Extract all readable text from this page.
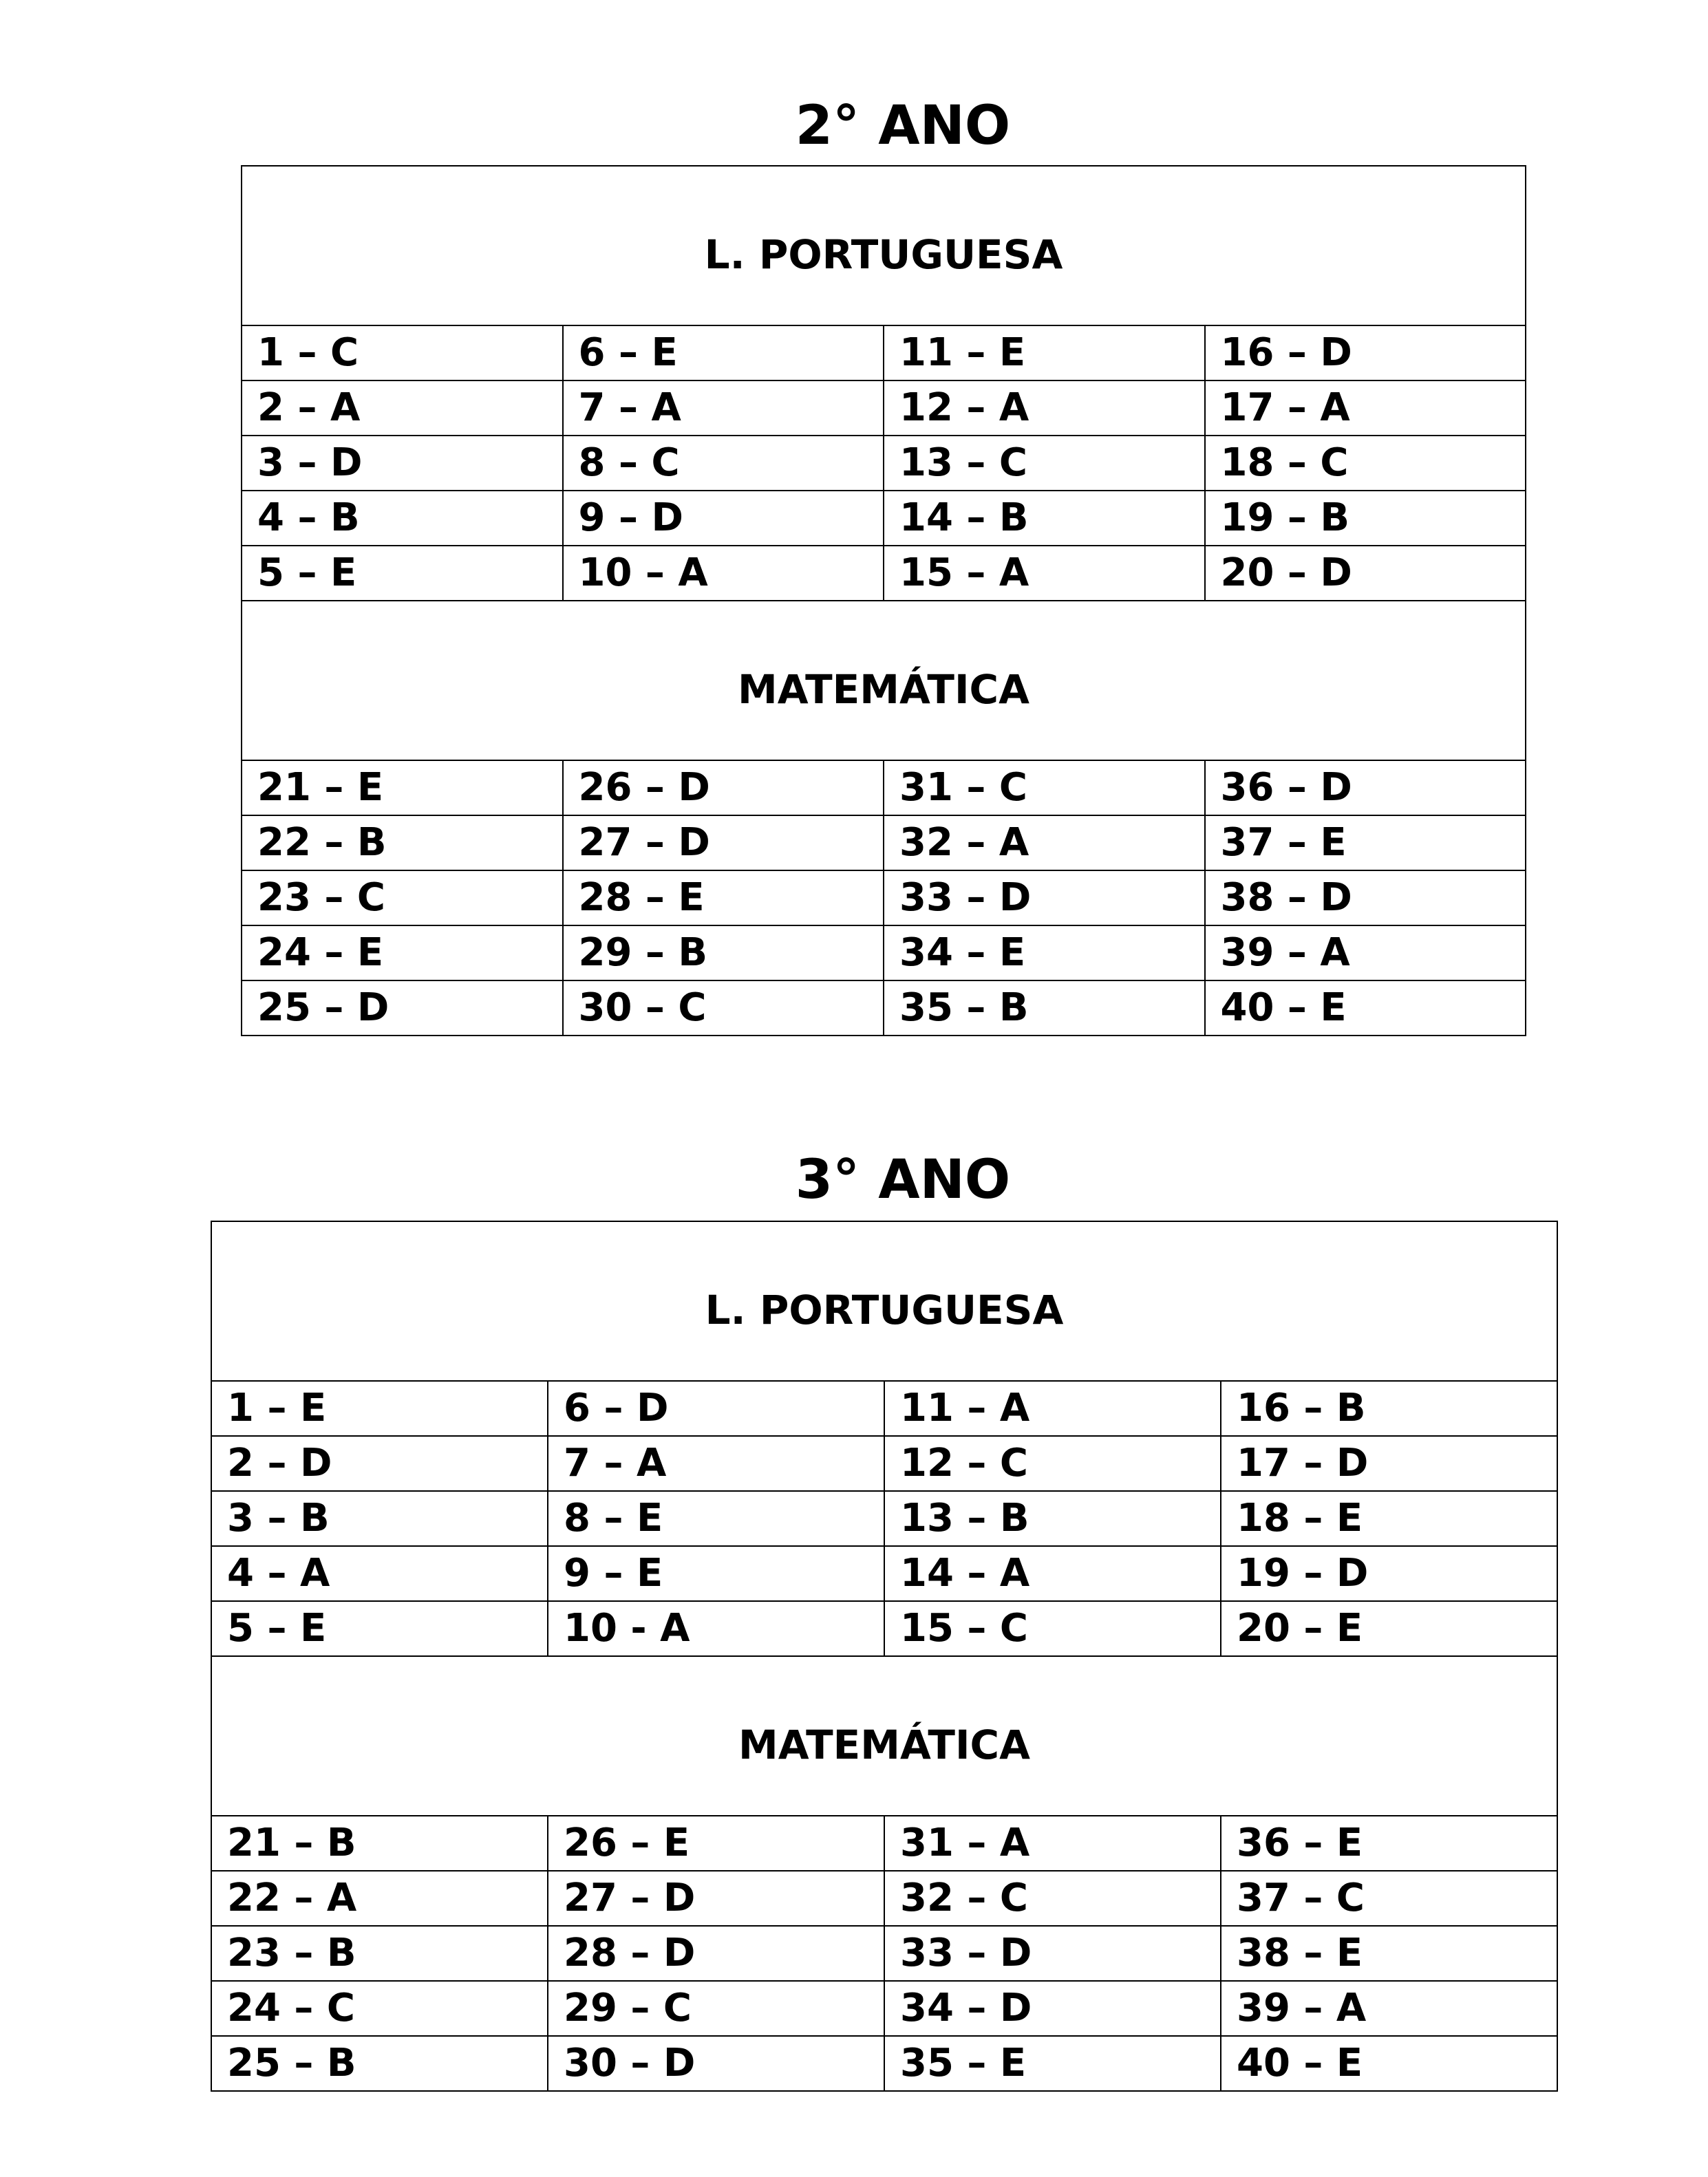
2° ANO
L. PORTUGUESA			
1 – C	6 – E	11 – E	16 – D
2 – A	7 – A	12 – A	17 – A
3 – D	8 – C	13 – C	18 – C
4 – B	9 – D	14 – B	19 – B
5 – E	10 – A	15 – A	20 – D
MATEMÁTICA			
21 – E	26 – D	31 – C	36 – D
22 – B	27 – D	32 – A	37 – E
23 – C	28 – E	33 – D	38 – D
24 – E	29 – B	34 – E	39 – A
25 – D	30 – C	35 – B	40 – E
3° ANO
L. PORTUGUESA			
1 – E	6 – D	11 – A	16 – B
2 – D	7 – A	12 – C	17 – D
3 – B	8 – E	13 – B	18 – E
4 – A	9 – E	14 – A	19 – D
5 – E	10 - A	15 – C	20 – E
MATEMÁTICA			
21 – B	26 – E	31 – A	36 – E
22 – A	27 – D	32 – C	37 – C
23 – B	28 – D	33 – D	38 – E
24 – C	29 – C	34 – D	39 – A
25 – B	30 – D	35 – E	40 – E
